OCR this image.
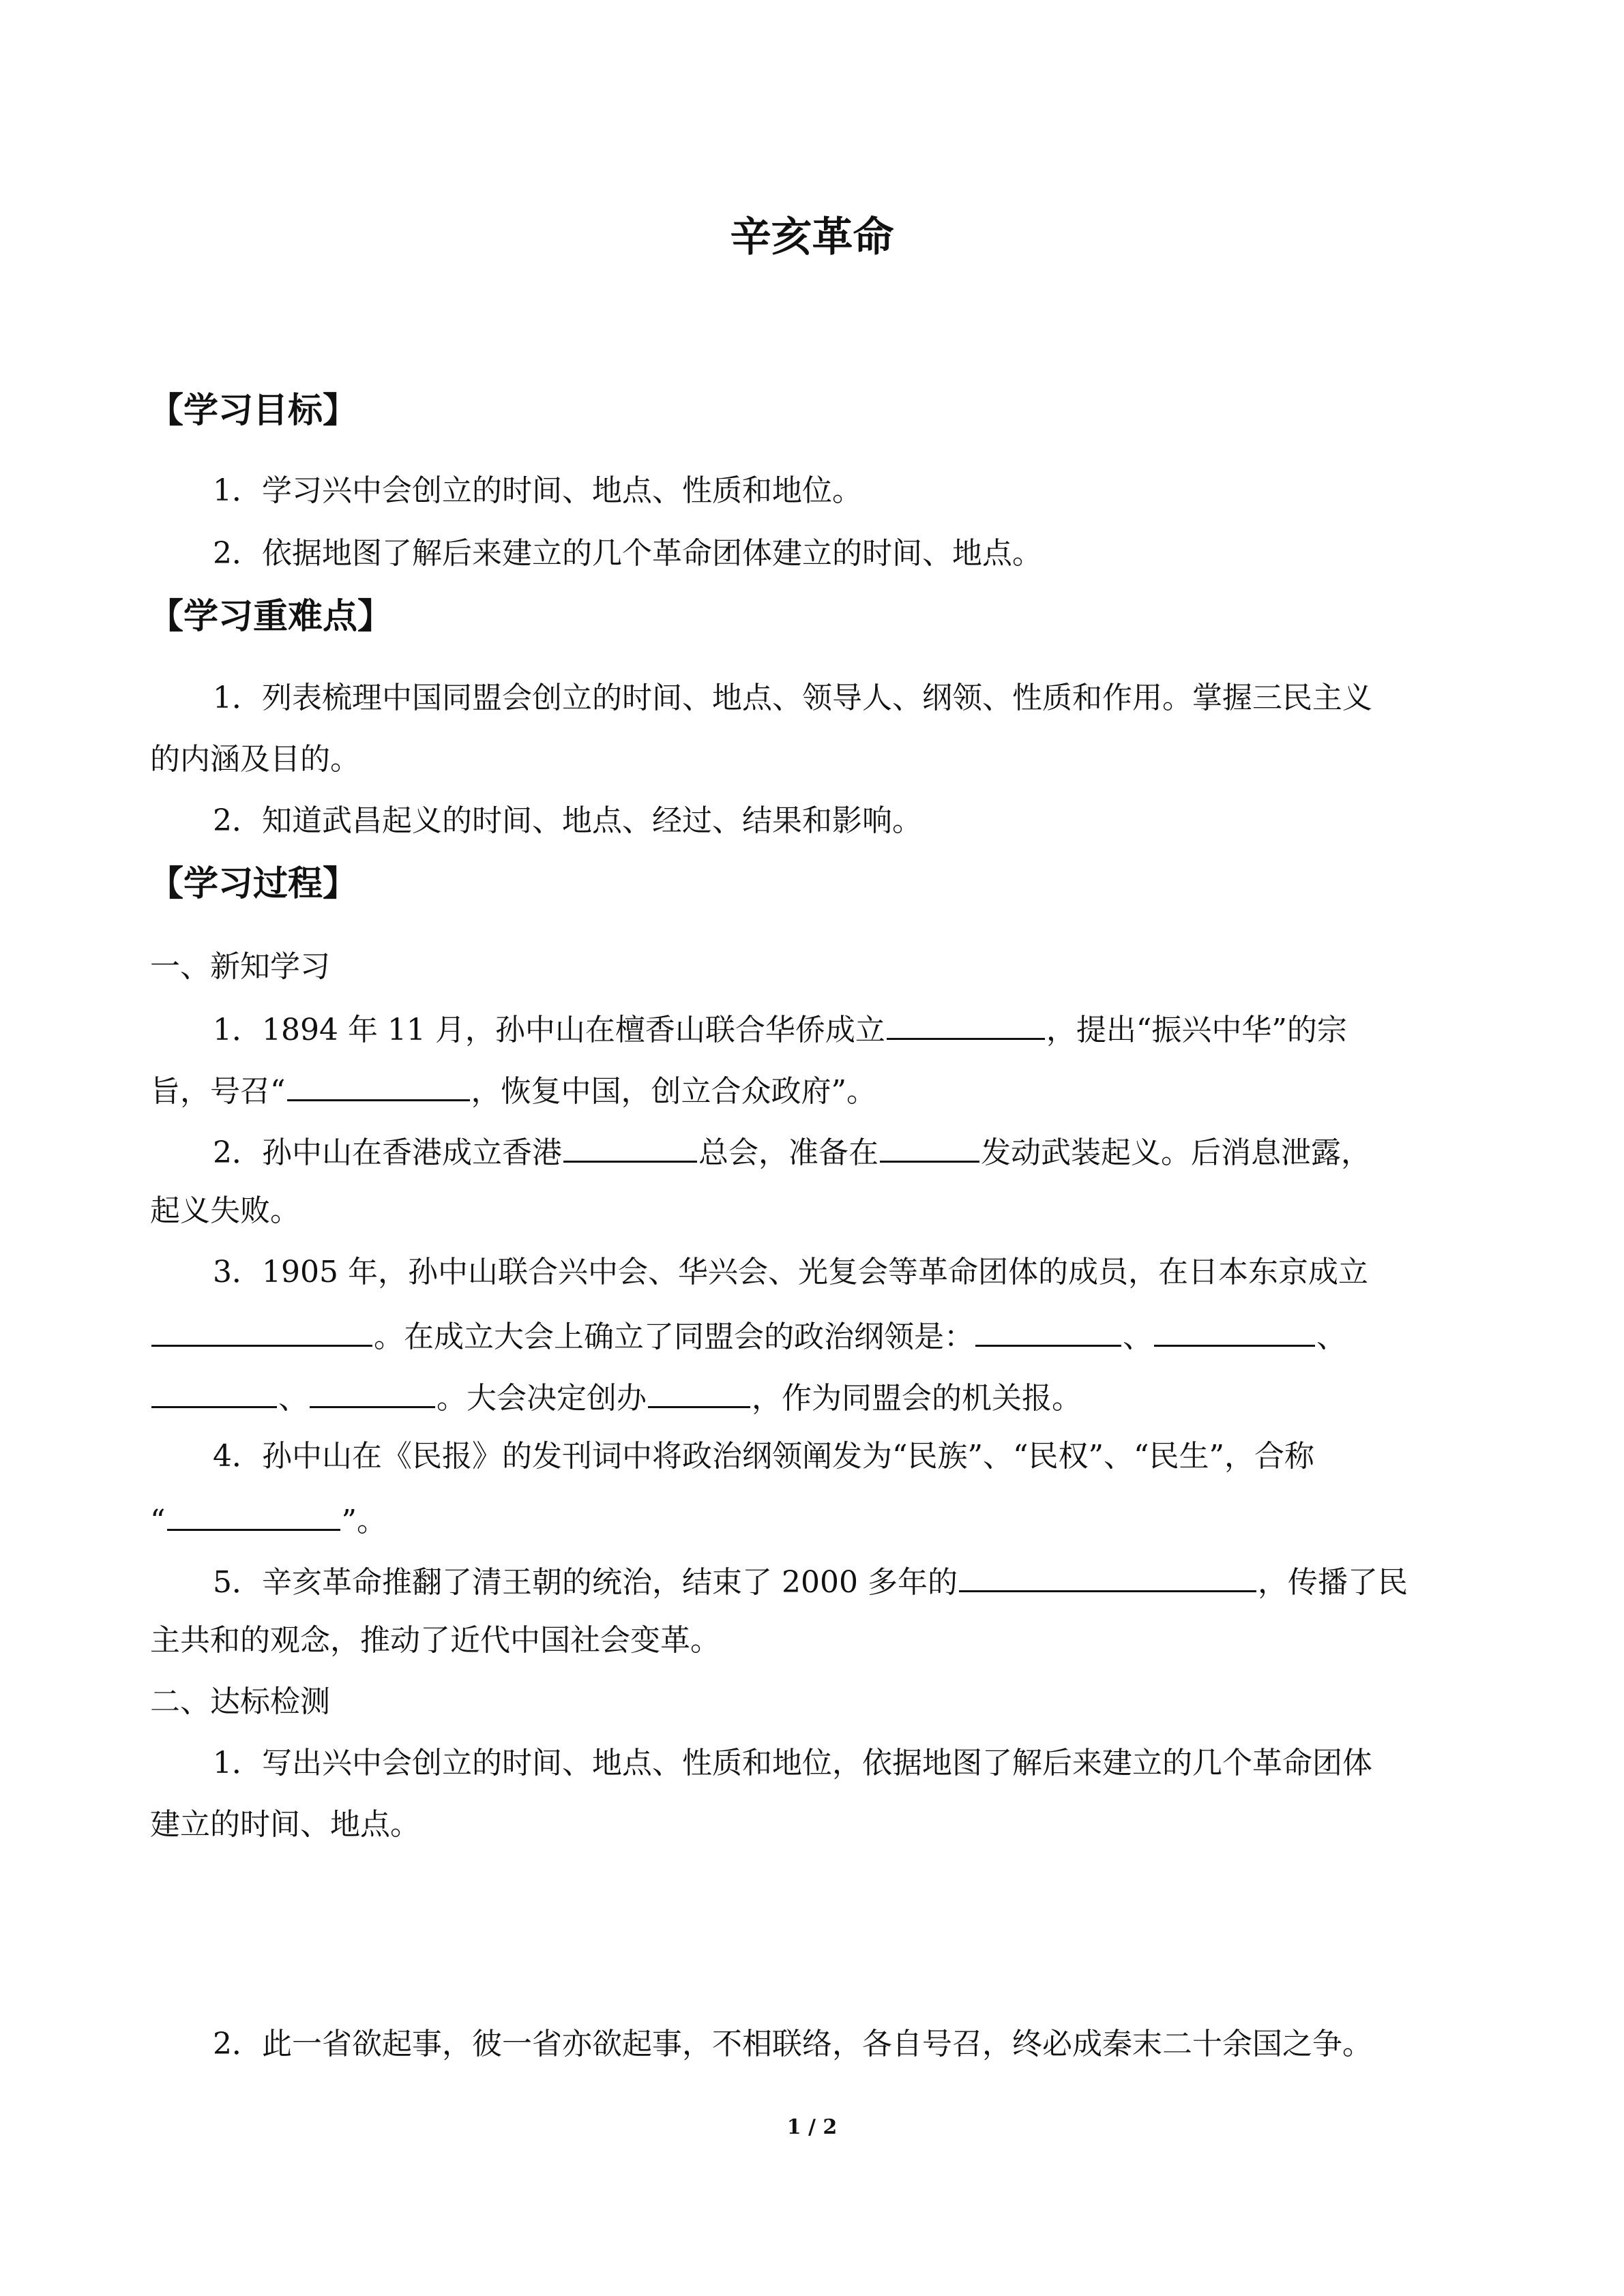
辛亥革命
【学习目标】
1．学习兴中会创立的时间、地点、性质和地位。
2．依据地图了解后来建立的几个革命团体建立的时间、地点。
【学习重难点】
1．列表梳理中国同盟会创立的时间、地点、领导人、纲领、性质和作用。掌握三民主义
的内涵及目的。
2．知道武昌起义的时间、地点、经过、结果和影响。
【学习过程】
一、新知学习
1．1894 年 11 月，孙中山在檀香山联合华侨成立	，提出“振兴中华”的宗
旨，号召“	，恢复中国，创立合众政府”。
2．孙中山在香港成立香港	总会，准备在	发动武装起义。后消息泄露，
起义失败。
3．1905 年，孙中山联合兴中会、华兴会、光复会等革命团体的成员，在日本东京成立
。在成立大会上确立了同盟会的政治纲领是：	、	、
、	。大会决定创办	，作为同盟会的机关报。
4．孙中山在《民报》的发刊词中将政治纲领阐发为“民族”、“民权”、“民生”，合称
“	”。
5．辛亥革命推翻了清王朝的统治，结束了 2000 多年的	，传播了民
主共和的观念，推动了近代中国社会变革。
二、达标检测
1．写出兴中会创立的时间、地点、性质和地位，依据地图了解后来建立的几个革命团体
建立的时间、地点。
2．此一省欲起事，彼一省亦欲起事，不相联络，各自号召，终必成秦末二十余国之争。
1 / 2
